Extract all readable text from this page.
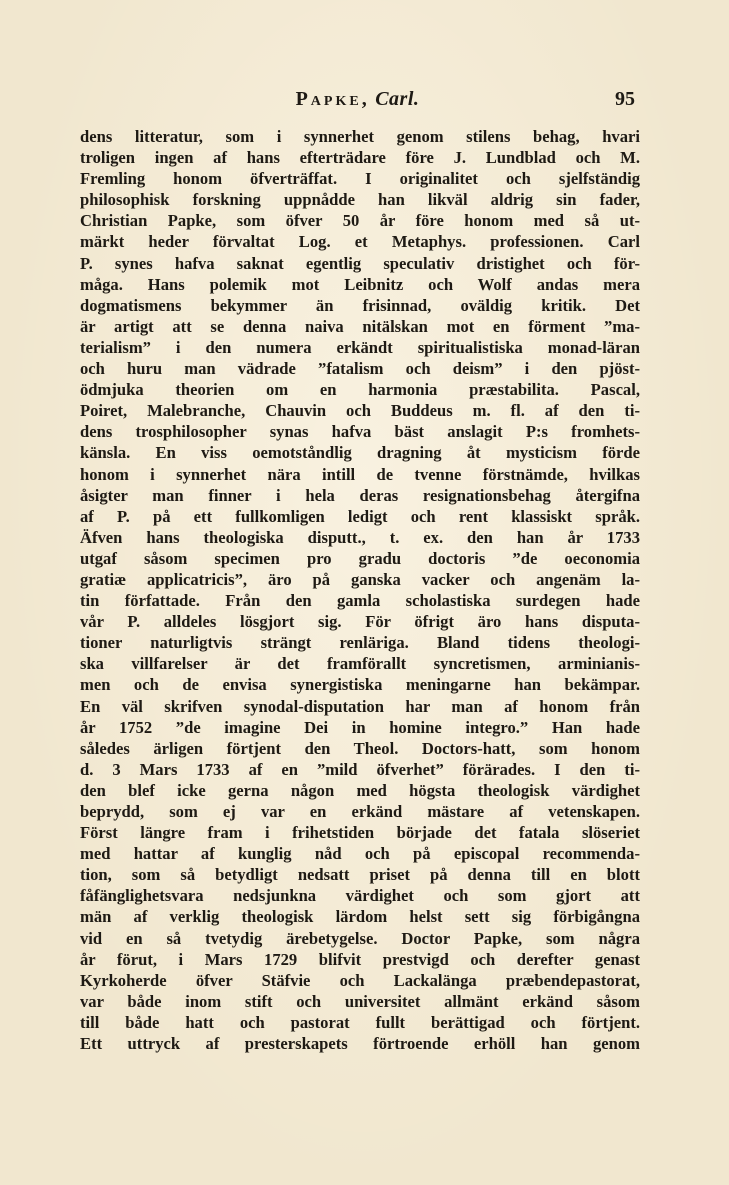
Papke, Carl.	95
dens litteratur, som i synnerhet genom stilens behag, hvari
troligen ingen af hans efterträdare före J. Lundblad och M.
Fremling honom öfverträffat. I originalitet och sjelfständig
philosophisk forskning uppnådde han likväl aldrig sin fader,
Christian Papke, som öfver 50 år före honom med så ut-
märkt heder förvaltat Log. et Metaphys. professionen. Carl
P. synes hafva saknat egentlig speculativ dristighet och för-
måga. Hans polemik mot Leibnitz och Wolf andas mera
dogmatismens bekymmer än frisinnad, oväldig kritik. Det
är artigt att se denna naiva nitälskan mot en förment ”ma-
terialism” i den numera erkändt spiritualistiska monad-läran
och huru man vädrade ”fatalism och deism” i den pjöst-
ödmjuka theorien om en harmonia præstabilita. Pascal,
Poiret, Malebranche, Chauvin och Buddeus m. fl. af den ti-
dens trosphilosopher synas hafva bäst anslagit P:s fromhets-
känsla. En viss oemotståndlig dragning åt mysticism förde
honom i synnerhet nära intill de tvenne förstnämde, hvilkas
åsigter man finner i hela deras resignationsbehag återgifna
af P. på ett fullkomligen ledigt och rent klassiskt språk.
Äfven hans theologiska disputt., t. ex. den han år 1733
utgaf såsom specimen pro gradu doctoris ”de oeconomia
gratiæ applicatricis”, äro på ganska vacker och angenäm la-
tin författade. Från den gamla scholastiska surdegen hade
vår P. alldeles lösgjort sig. För öfrigt äro hans disputa-
tioner naturligtvis strängt renläriga. Bland tidens theologi-
ska villfarelser är det framförallt syncretismen, arminianis-
men och de envisa synergistiska meningarne han bekämpar.
En väl skrifven synodal-disputation har man af honom från
år 1752 ”de imagine Dei in homine integro.” Han hade
således ärligen förtjent den Theol. Doctors-hatt, som honom
d. 3 Mars 1733 af en ”mild öfverhet” förärades. I den ti-
den blef icke gerna någon med högsta theologisk värdighet
beprydd, som ej var en erkänd mästare af vetenskapen.
Först längre fram i frihetstiden började det fatala slöseriet
med hattar af kunglig nåd och på episcopal recommenda-
tion, som så betydligt nedsatt priset på denna till en blott
fåfänglighetsvara nedsjunkna värdighet och som gjort att
män af verklig theologisk lärdom helst sett sig förbigångna
vid en så tvetydig ärebetygelse. Doctor Papke, som några
år förut, i Mars 1729 blifvit prestvigd och derefter genast
Kyrkoherde öfver Stäfvie och Lackalänga præbendepastorat,
var både inom stift och universitet allmänt erkänd såsom
till både hatt och pastorat fullt berättigad och förtjent.
Ett uttryck af presterskapets förtroende erhöll han genom
